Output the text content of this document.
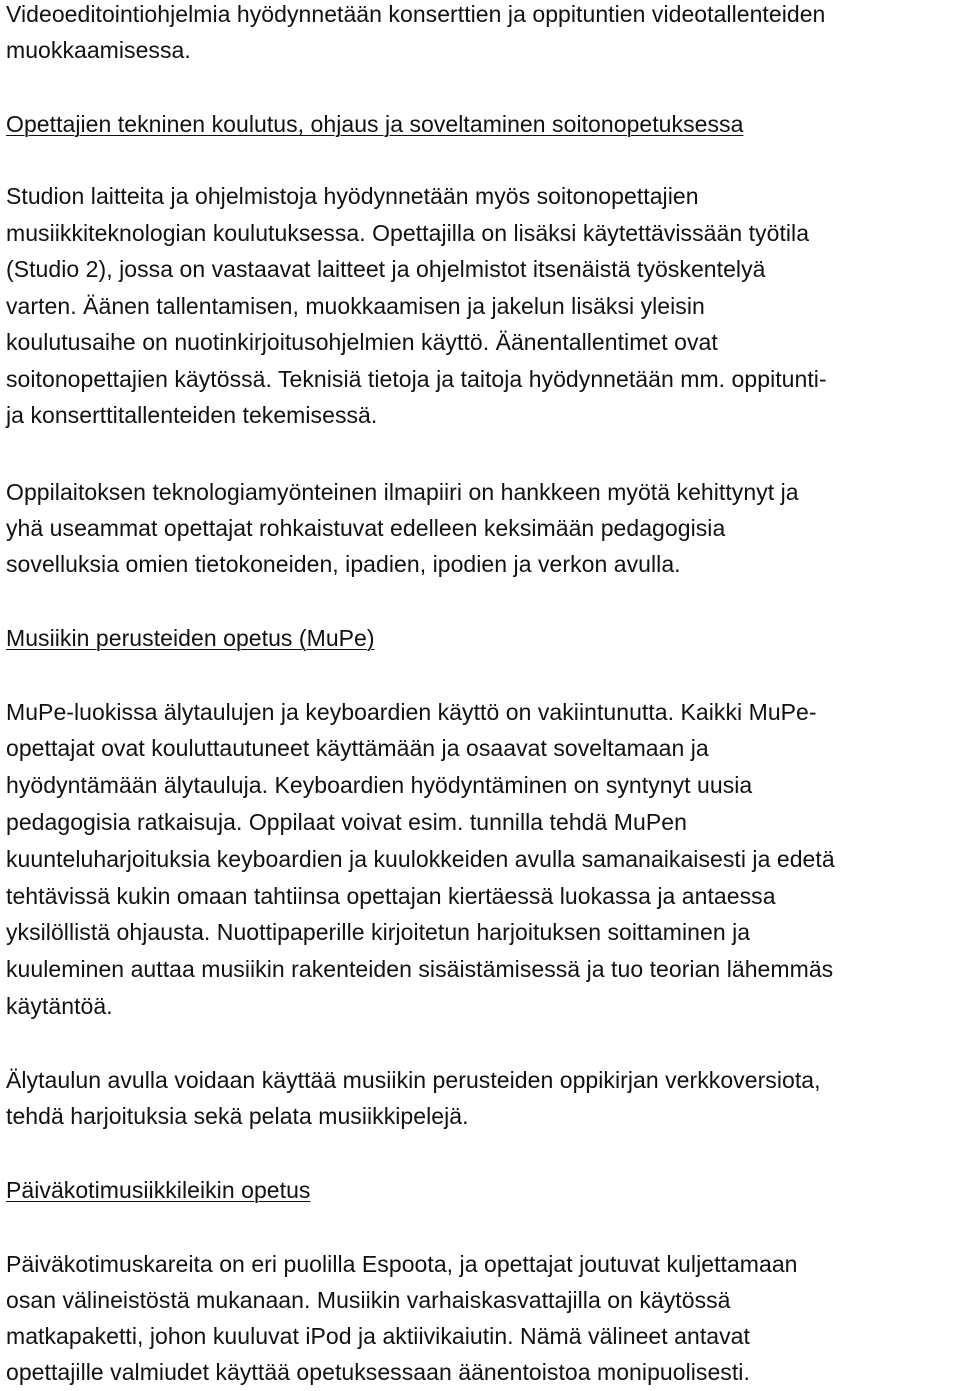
Videoeditointiohjelmia hyödynnetään konserttien ja oppituntien videotallenteiden
muokkaamisessa.
Opettajien tekninen koulutus, ohjaus ja soveltaminen soitonopetuksessa
Studion laitteita ja ohjelmistoja hyödynnetään myös soitonopettajien
musiikkiteknologian koulutuksessa. Opettajilla on lisäksi käytettävissään työtila
(Studio 2), jossa on vastaavat laitteet ja ohjelmistot itsenäistä työskentelyä
varten. Äänen tallentamisen, muokkaamisen ja jakelun lisäksi yleisin
koulutusaihe on nuotinkirjoitusohjelmien käyttö. Äänentallentimet ovat
soitonopettajien käytössä. Teknisiä tietoja ja taitoja hyödynnetään mm. oppitunti-
ja konserttitallenteiden tekemisessä.
Oppilaitoksen teknologiamyönteinen ilmapiiri on hankkeen myötä kehittynyt ja
yhä useammat opettajat rohkaistuvat edelleen keksimään pedagogisia
sovelluksia omien tietokoneiden, ipadien, ipodien ja verkon avulla.
Musiikin perusteiden opetus (MuPe)
MuPe-luokissa älytaulujen ja keyboardien käyttö on vakiintunutta. Kaikki MuPe-
opettajat ovat kouluttautuneet käyttämään ja osaavat soveltamaan ja
hyödyntämään älytauluja. Keyboardien hyödyntäminen on syntynyt uusia
pedagogisia ratkaisuja. Oppilaat voivat esim. tunnilla tehdä MuPen
kuunteluharjoituksia keyboardien ja kuulokkeiden avulla samanaikaisesti ja edetä
tehtävissä kukin omaan tahtiinsa opettajan kiertäessä luokassa ja antaessa
yksilöllistä ohjausta. Nuottipaperille kirjoitetun harjoituksen soittaminen ja
kuuleminen auttaa musiikin rakenteiden sisäistämisessä ja tuo teorian lähemmäs
käytäntöä.
Älytaulun avulla voidaan käyttää musiikin perusteiden oppikirjan verkkoversiota,
tehdä harjoituksia sekä pelata musiikkipelejä.
Päiväkotimusiikkileikin opetus
Päiväkotimuskareita on eri puolilla Espoota, ja opettajat joutuvat kuljettamaan
osan välineistöstä mukanaan. Musiikin varhaiskasvattajilla on käytössä
matkapaketti, johon kuuluvat iPod ja aktiivikaiutin. Nämä välineet antavat
opettajille valmiudet käyttää opetuksessaan äänentoistoa monipuolisesti.
